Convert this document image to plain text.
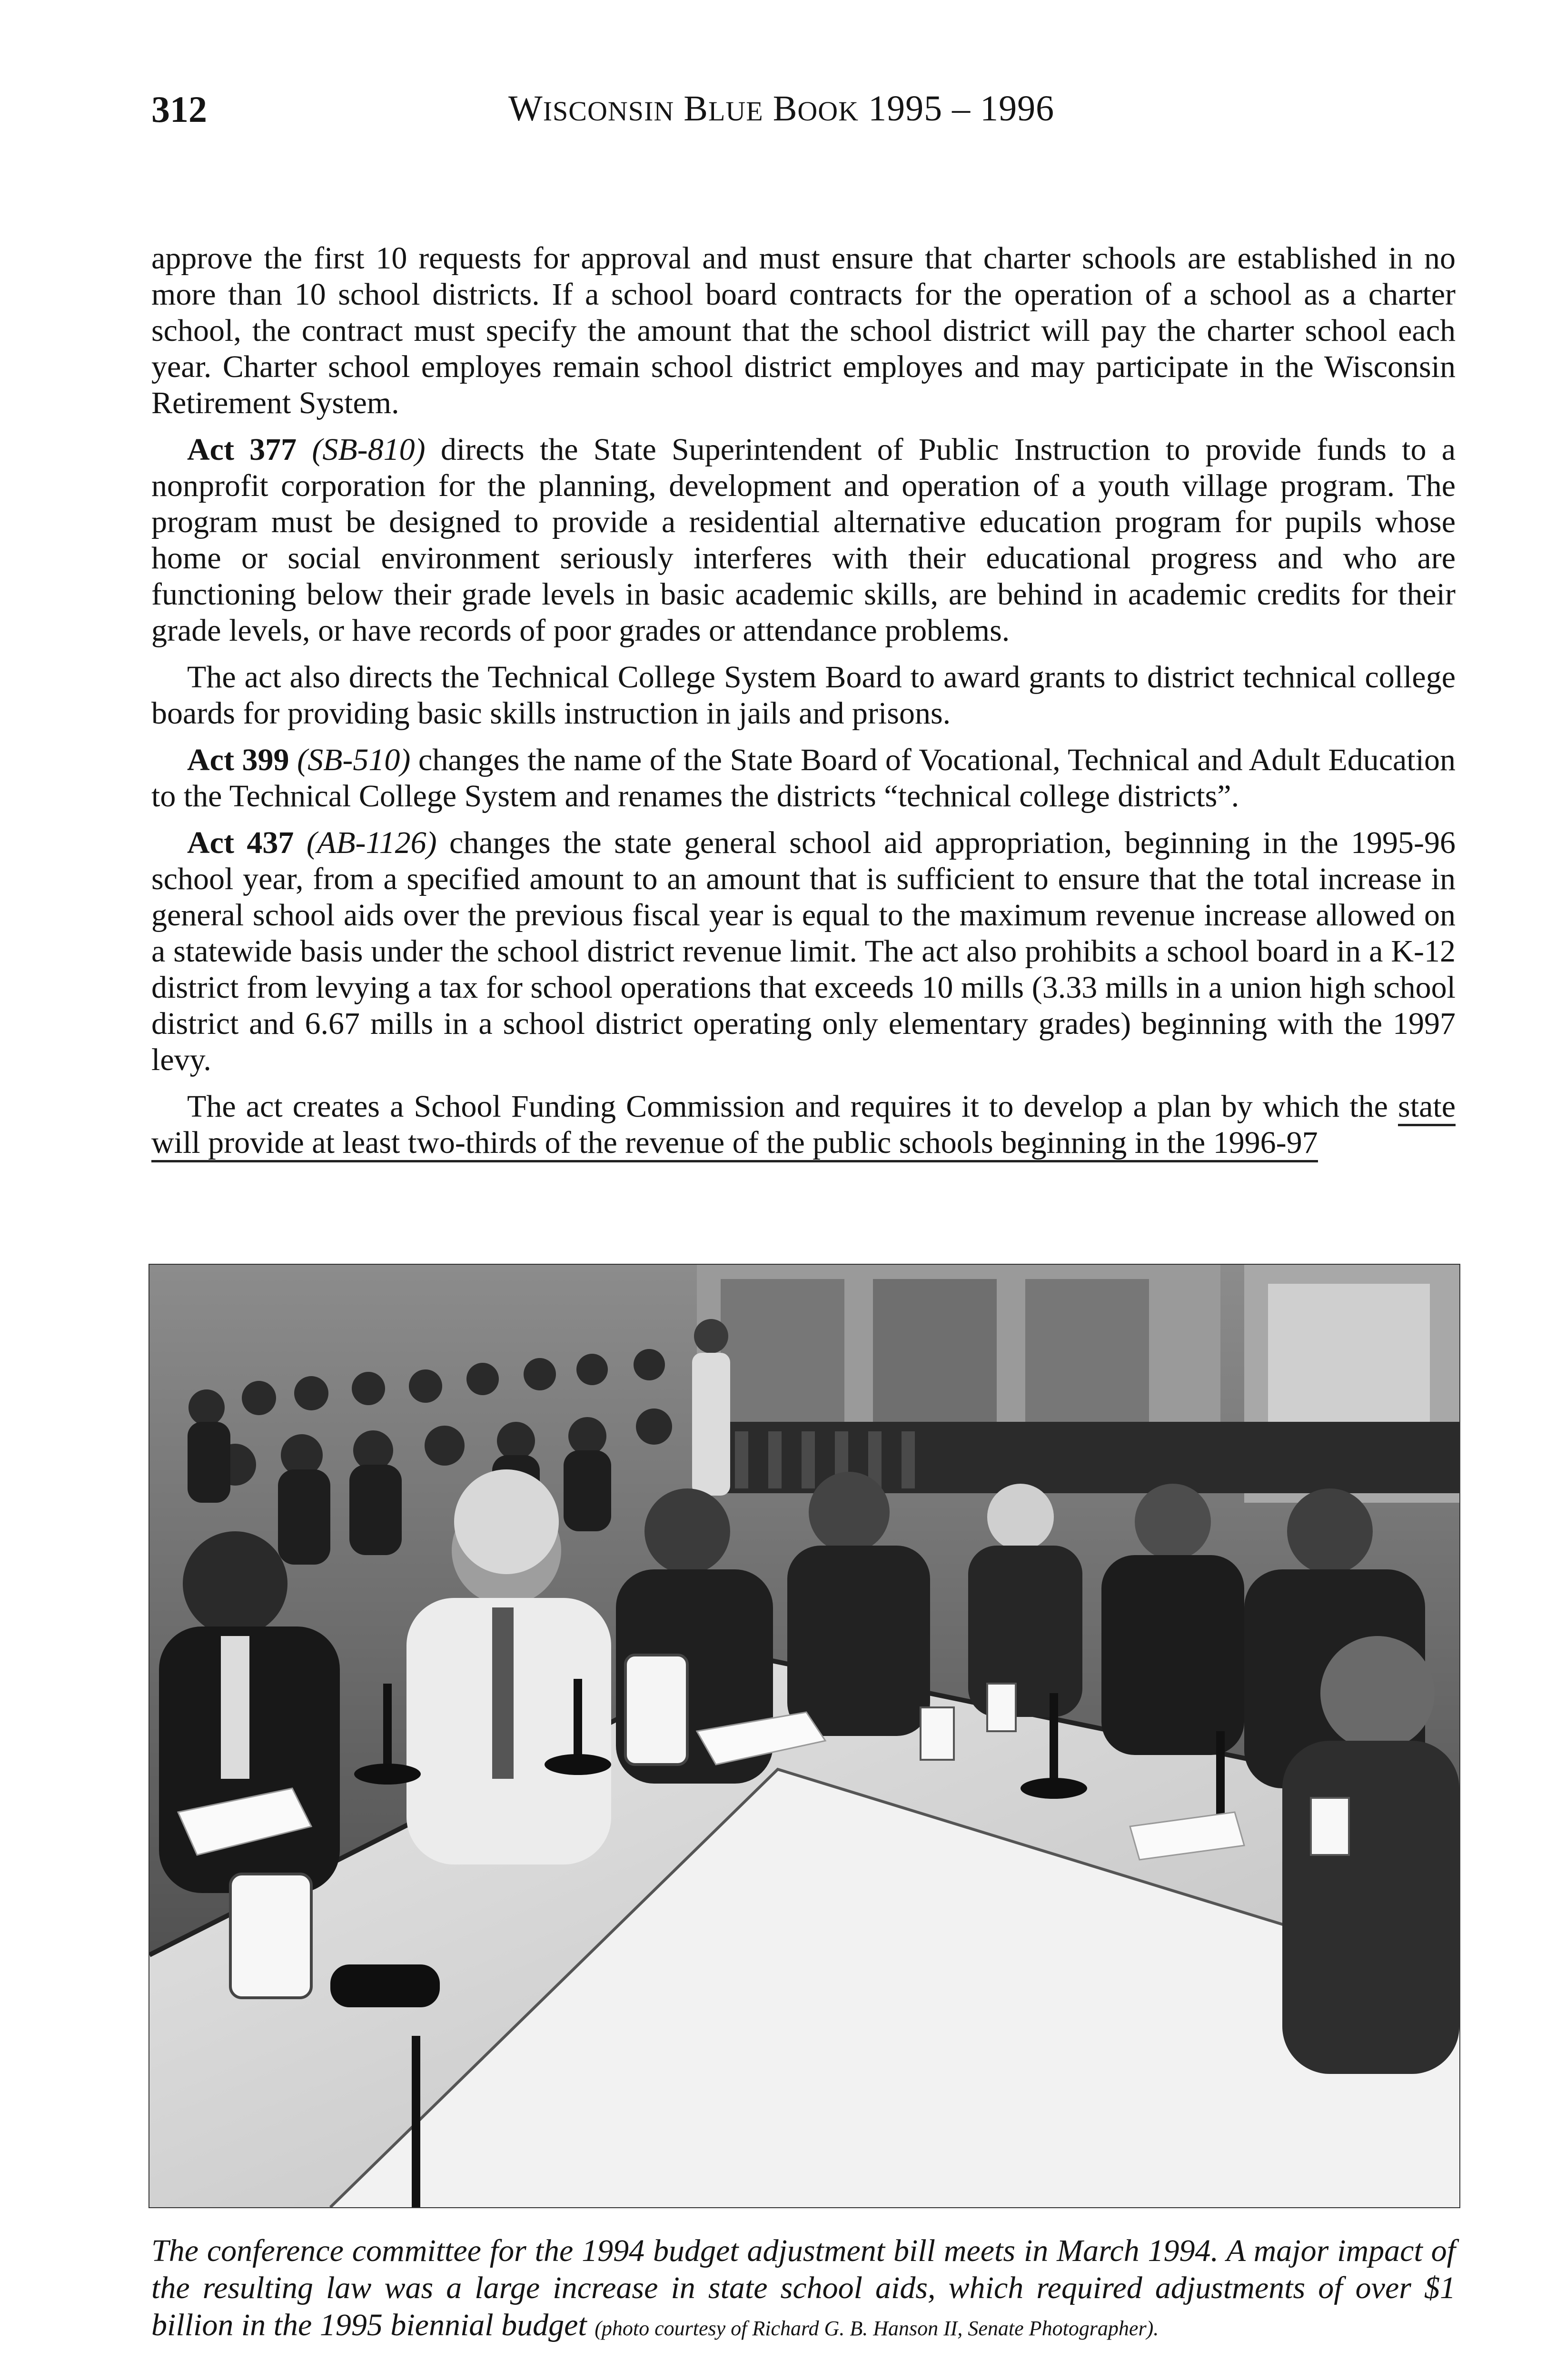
312	WISCONSIN BLUE BOOK 1995 – 1996

approve the first 10 requests for approval and must ensure that charter schools are established in no more than 10 school districts. If a school board contracts for the operation of a school as a charter school, the contract must specify the amount that the school district will pay the charter school each year. Charter school employes remain school district employes and may participate in the Wisconsin Retirement System.

Act 377 (SB-810) directs the State Superintendent of Public Instruction to provide funds to a nonprofit corporation for the planning, development and operation of a youth village program. The program must be designed to provide a residential alternative education program for pupils whose home or social environment seriously interferes with their educational progress and who are functioning below their grade levels in basic academic skills, are behind in academic credits for their grade levels, or have records of poor grades or attendance problems.

The act also directs the Technical College System Board to award grants to district technical college boards for providing basic skills instruction in jails and prisons.

Act 399 (SB-510) changes the name of the State Board of Vocational, Technical and Adult Education to the Technical College System and renames the districts “technical college districts”.

Act 437 (AB-1126) changes the state general school aid appropriation, beginning in the 1995-96 school year, from a specified amount to an amount that is sufficient to ensure that the total increase in general school aids over the previous fiscal year is equal to the maximum revenue increase allowed on a statewide basis under the school district revenue limit. The act also prohibits a school board in a K-12 district from levying a tax for school operations that exceeds 10 mills (3.33 mills in a union high school district and 6.67 mills in a school district operating only elementary grades) beginning with the 1997 levy.

The act creates a School Funding Commission and requires it to develop a plan by which the state will provide at least two-thirds of the revenue of the public schools beginning in the 1996-97

The conference committee for the 1994 budget adjustment bill meets in March 1994. A major impact of the resulting law was a large increase in state school aids, which required adjustments of over $1 billion in the 1995 biennial budget (photo courtesy of Richard G. B. Hanson II, Senate Photographer).
